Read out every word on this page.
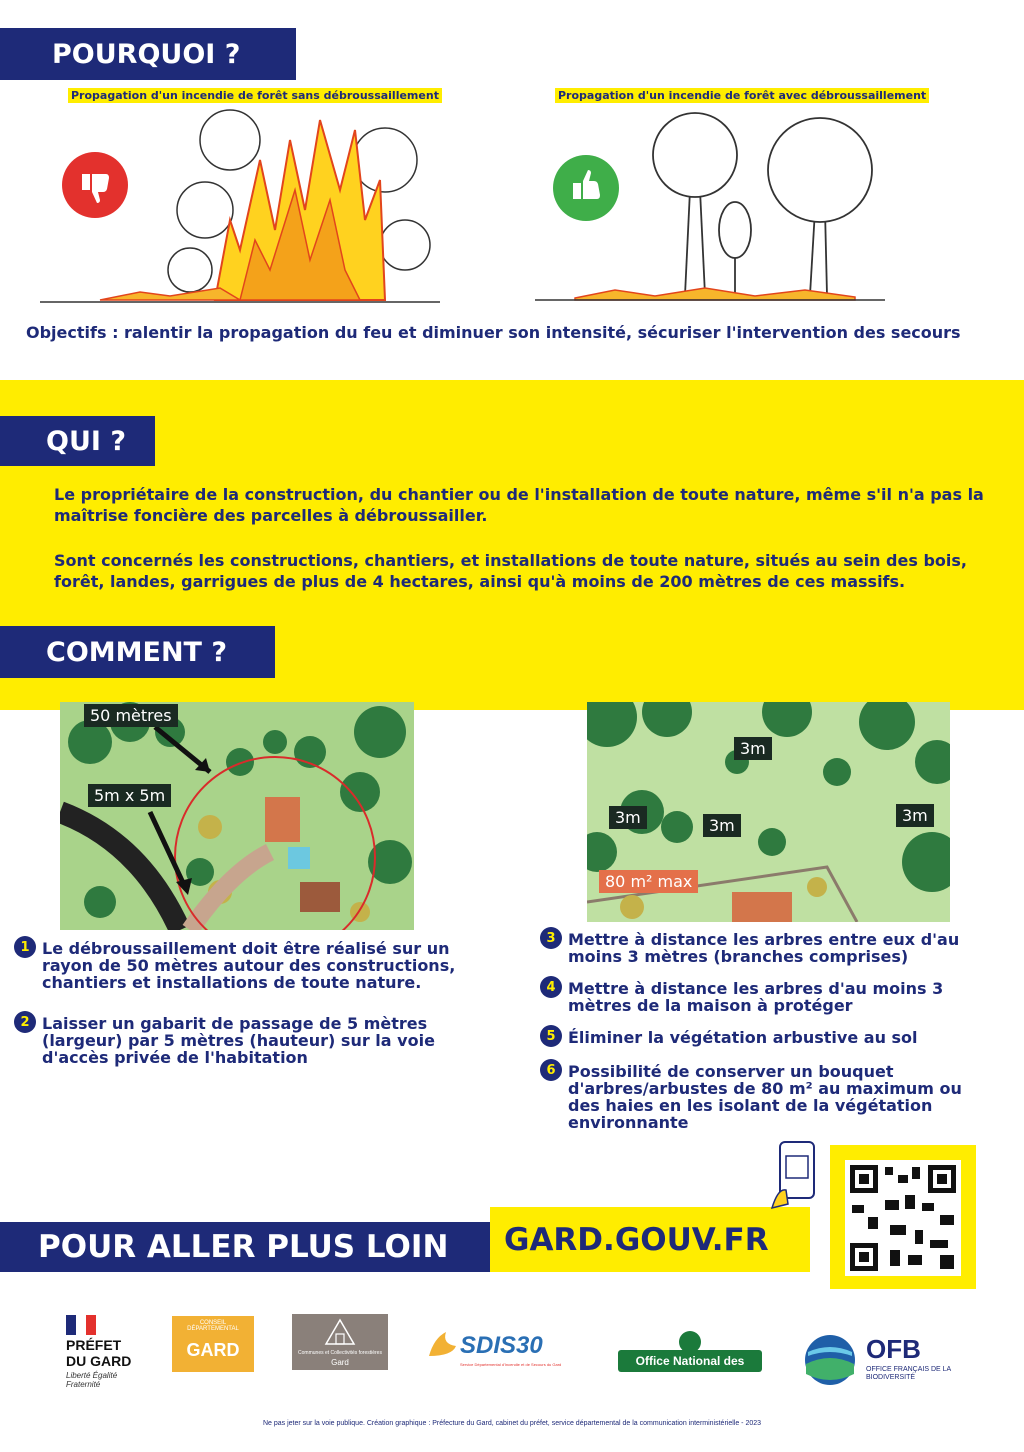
POURQUOI ?
Propagation d'un incendie de forêt sans débroussaillement	Propagation d'un incendie de forêt avec débroussaillement
Objectifs : ralentir la propagation du feu et diminuer son intensité, sécuriser l'intervention des secours
QUI ?
Le propriétaire de la construction, du chantier ou de l'installation de toute nature, même s'il n'a pas la maîtrise foncière des parcelles à débroussailler.
Sont concernés les constructions, chantiers, et installations de toute nature, situés au sein des bois, forêt, landes, garrigues de plus de 4 hectares, ainsi qu'à moins de 200 mètres de ces massifs.
COMMENT ?
50 mètres
5m x 5m
3m
3m	3m
3m
80 m² max
1 Le débroussaillement doit être réalisé sur un rayon de 50 mètres autour des constructions, chantiers et installations de toute nature.
2 Laisser un gabarit de passage de 5 mètres (largeur) par 5 mètres (hauteur) sur la voie d'accès privée de l'habitation
3 Mettre à distance les arbres entre eux d'au moins 3 mètres (branches comprises)
4 Mettre à distance les arbres d'au moins 3 mètres de la maison à protéger
5 Éliminer la végétation arbustive au sol
6 Possibilité de conserver un bouquet d'arbres/arbustes de 80 m² au maximum ou des haies en les isolant de la végétation environnante
POUR ALLER PLUS LOIN GARD.GOUV.FR
PRÉFET
DU GARD
Liberté Égalité Fraternité
CONSEIL DÉPARTEMENTAL
GARD	Communes et Collectivités forestières
Gard
SDIS30
Service Départemental d'Incendie et de Secours du Gard	Office National des Forêts
OFB
OFFICE FRANÇAIS DE LA BIODIVERSITÉ
Ne pas jeter sur la voie publique. Création graphique : Préfecture du Gard, cabinet du préfet, service départemental de la communication interministérielle - 2023
